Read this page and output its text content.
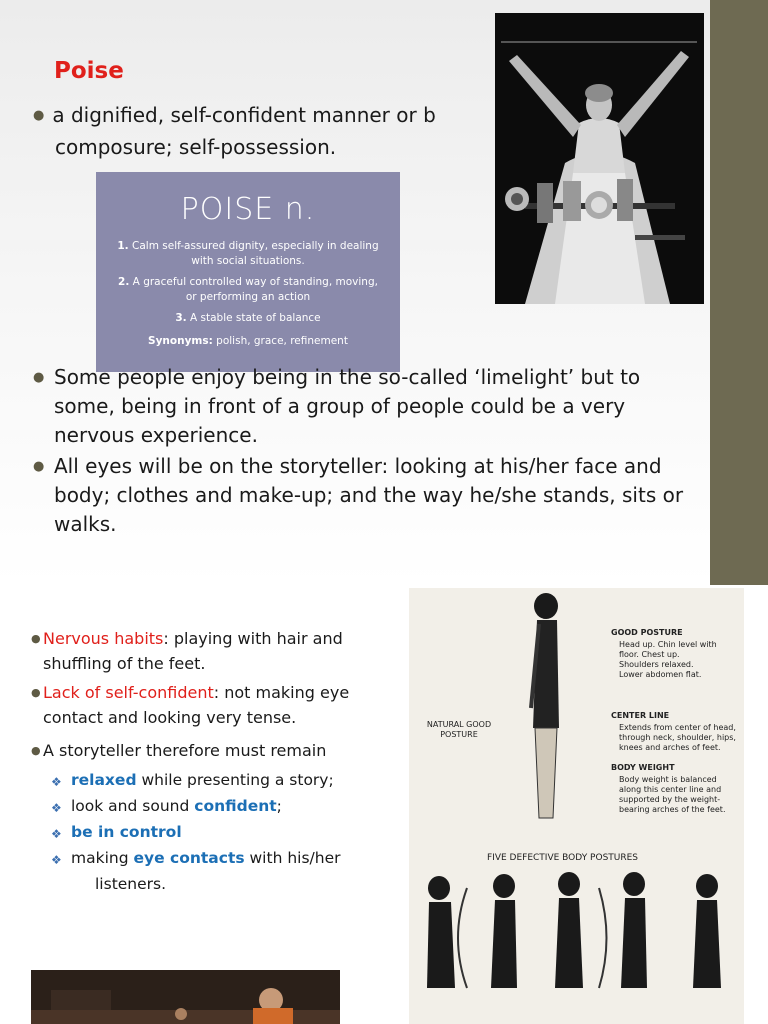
Poise
● a dignified, self-confident manner or b
composure; self-possession.
POISE n.
1. Calm self-assured dignity, especially in dealing with social situations.
2. A graceful controlled way of standing, moving, or performing an action
3. A stable state of balance
Synonyms: polish, grace, refinement
● Some people enjoy being in the so-called ‘limelight’ but to some, being in front of a group of people could be a very nervous experience.
● All eyes will be on the storyteller: looking at his/her face and body; clothes and make-up; and the way he/she stands, sits or walks.
● Nervous habits: playing with hair and shuffling of the feet.
● Lack of self-confident: not making eye contact and looking very tense.
● A storyteller therefore must remain
❖ relaxed while presenting a story;
❖ look and sound confident;
❖ be in control
❖ making eye contacts with his/her
listeners.
NATURAL GOOD POSTURE
GOOD POSTURE
Head up. Chin level with floor. Chest up. Shoulders relaxed. Lower abdomen flat.
CENTER LINE
Extends from center of head, through neck, shoulder, hips, knees and arches of feet.
BODY WEIGHT
Body weight is balanced along this center line and supported by the weight-bearing arches of the feet.
FIVE DEFECTIVE BODY POSTURES
